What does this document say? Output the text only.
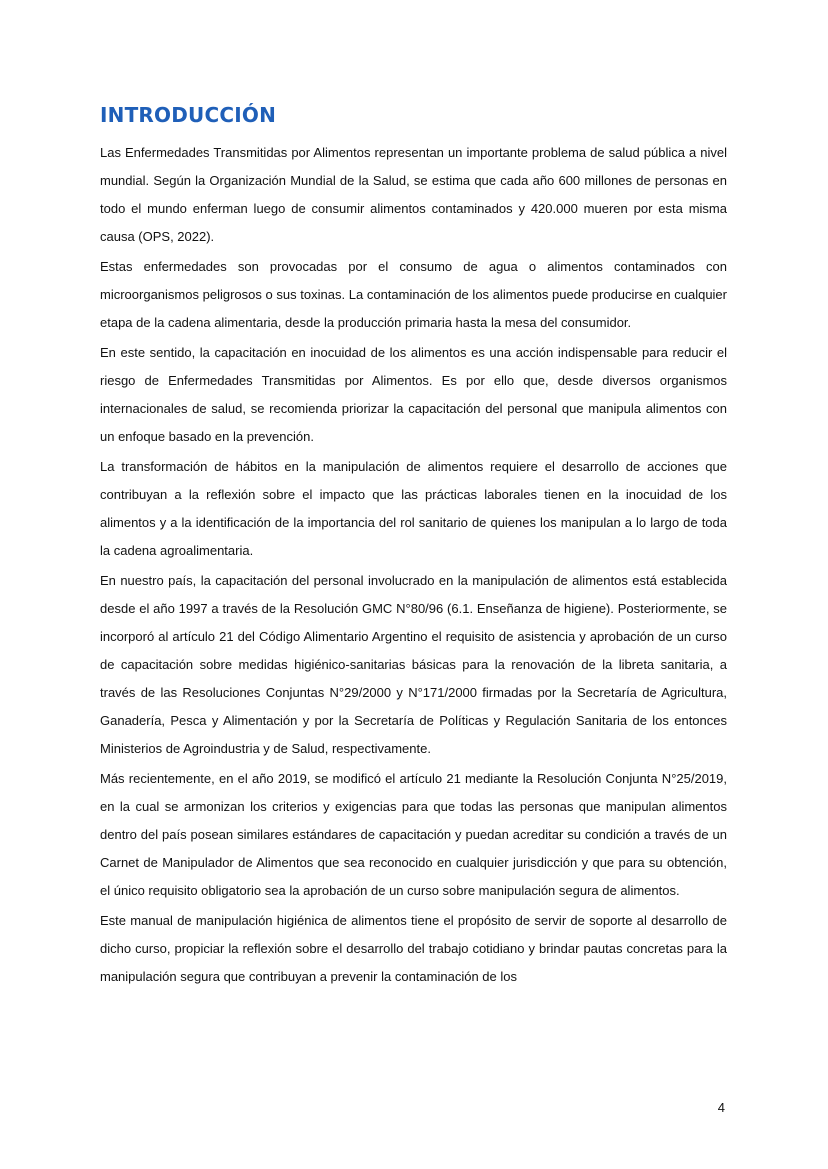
INTRODUCCIÓN

Las Enfermedades Transmitidas por Alimentos representan un importante problema de salud pública a nivel mundial. Según la Organización Mundial de la Salud, se estima que cada año 600 millones de personas en todo el mundo enferman luego de consumir alimentos contaminados y 420.000 mueren por esta misma causa (OPS, 2022).

Estas enfermedades son provocadas por el consumo de agua o alimentos contaminados con microorganismos peligrosos o sus toxinas. La contaminación de los alimentos puede producirse en cualquier etapa de la cadena alimentaria, desde la producción primaria hasta la mesa del consumidor.

En este sentido, la capacitación en inocuidad de los alimentos es una acción indispensable para reducir el riesgo de Enfermedades Transmitidas por Alimentos. Es por ello que, desde diversos organismos internacionales de salud, se recomienda priorizar la capacitación del personal que manipula alimentos con un enfoque basado en la prevención.

La transformación de hábitos en la manipulación de alimentos requiere el desarrollo de acciones que contribuyan a la reflexión sobre el impacto que las prácticas laborales tienen en la inocuidad de los alimentos y a la identificación de la importancia del rol sanitario de quienes los manipulan a lo largo de toda la cadena agroalimentaria.

En nuestro país, la capacitación del personal involucrado en la manipulación de alimentos está establecida desde el año 1997 a través de la Resolución GMC N°80/96 (6.1. Enseñanza de higiene). Posteriormente, se incorporó al artículo 21 del Código Alimentario Argentino el requisito de asistencia y aprobación de un curso de capacitación sobre medidas higiénico-sanitarias básicas para la renovación de la libreta sanitaria, a través de las Resoluciones Conjuntas N°29/2000 y N°171/2000 firmadas por la Secretaría de Agricultura, Ganadería, Pesca y Alimentación y por la Secretaría de Políticas y Regulación Sanitaria de los entonces Ministerios de Agroindustria y de Salud, respectivamente.

Más recientemente, en el año 2019, se modificó el artículo 21 mediante la Resolución Conjunta N°25/2019, en la cual se armonizan los criterios y exigencias para que todas las personas que manipulan alimentos dentro del país posean similares estándares de capacitación y puedan acreditar su condición a través de un Carnet de Manipulador de Alimentos que sea reconocido en cualquier jurisdicción y que para su obtención, el único requisito obligatorio sea la aprobación de un curso sobre manipulación segura de alimentos.

Este manual de manipulación higiénica de alimentos tiene el propósito de servir de soporte al desarrollo de dicho curso, propiciar la reflexión sobre el desarrollo del trabajo cotidiano y brindar pautas concretas para la manipulación segura que contribuyan a prevenir la contaminación de los

4
